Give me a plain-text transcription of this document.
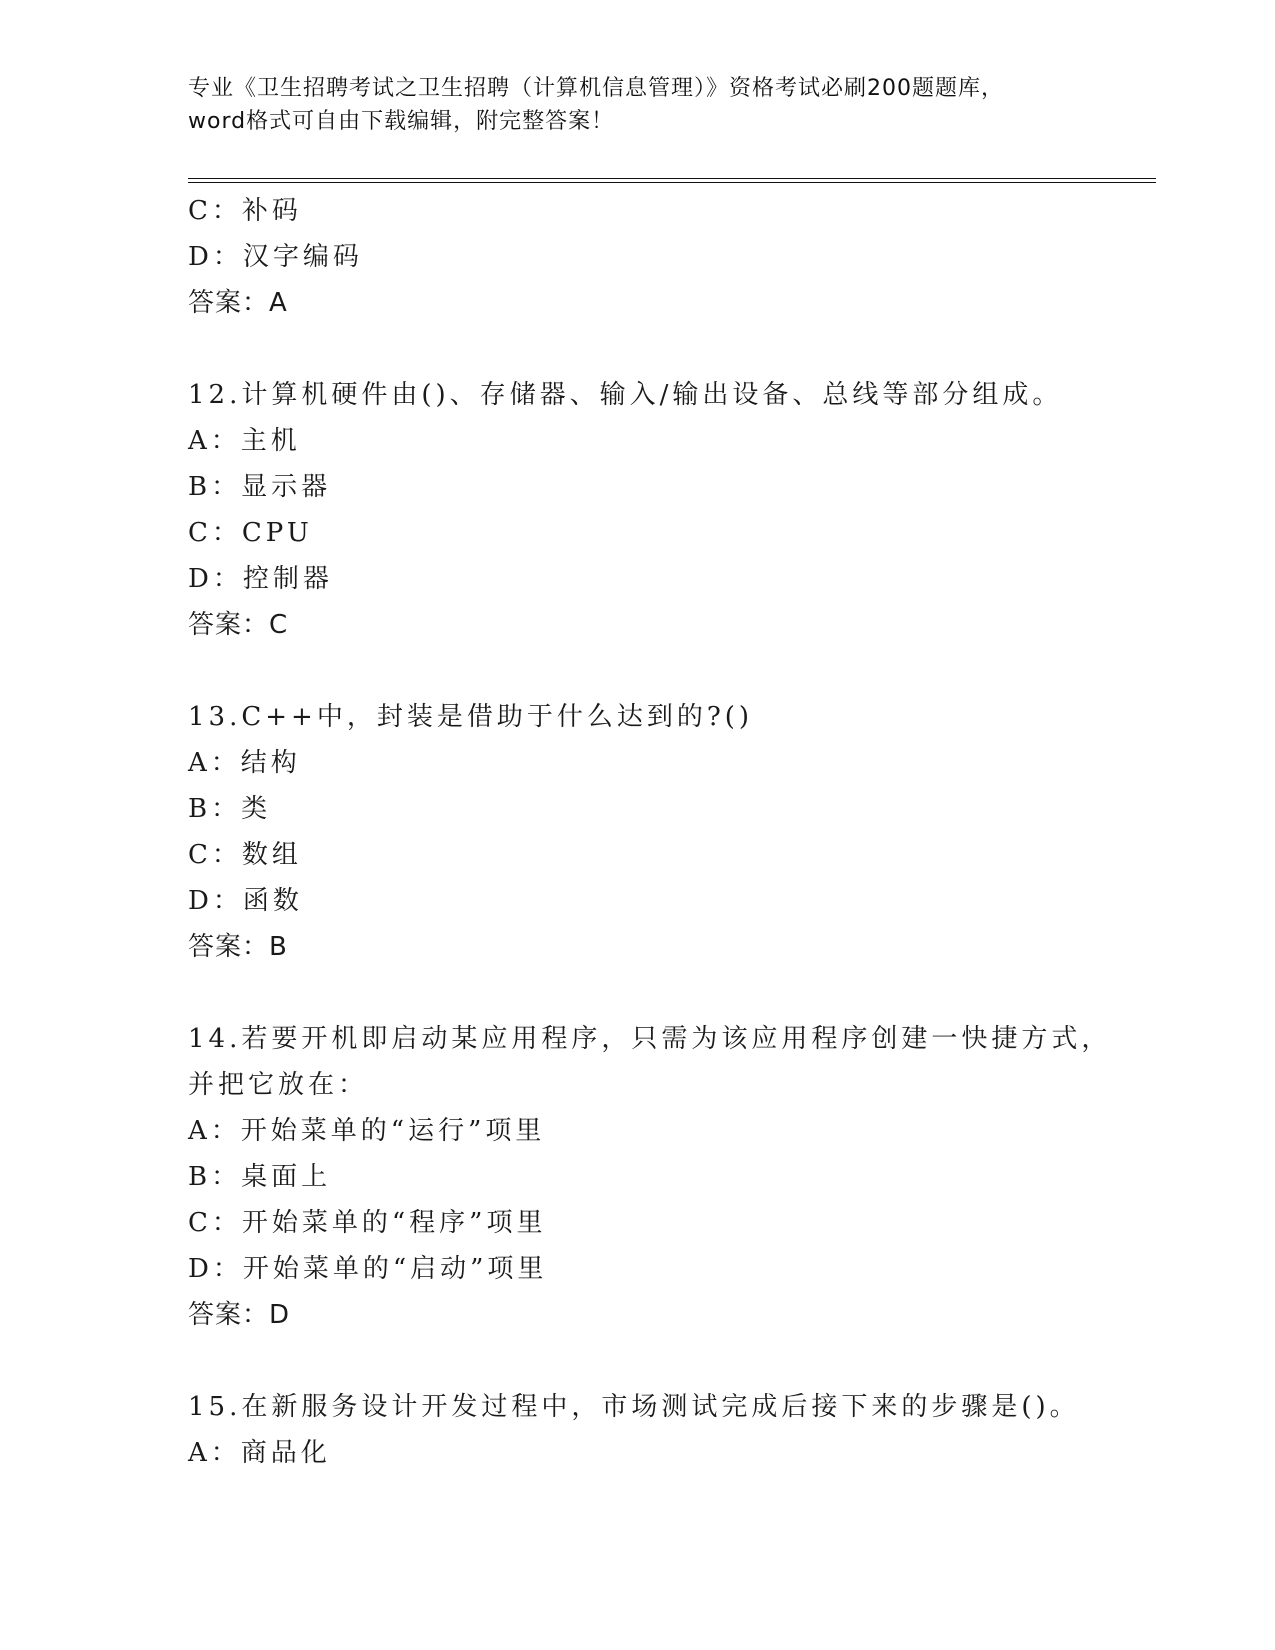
专业《卫生招聘考试之卫生招聘（计算机信息管理）》资格考试必刷200题题库，
word格式可自由下载编辑，附完整答案！
C：补码
D：汉字编码
答案：A
12.计算机硬件由()、存储器、输入/输出设备、总线等部分组成。
A：主机
B：显示器
C：CPU
D：控制器
答案：C
13.C++中，封装是借助于什么达到的?()
A：结构
B：类
C：数组
D：函数
答案：B
14.若要开机即启动某应用程序，只需为该应用程序创建一快捷方式，
并把它放在：
A：开始菜单的“运行”项里
B：桌面上
C：开始菜单的“程序”项里
D：开始菜单的“启动”项里
答案：D
15.在新服务设计开发过程中，市场测试完成后接下来的步骤是()。
A：商品化
